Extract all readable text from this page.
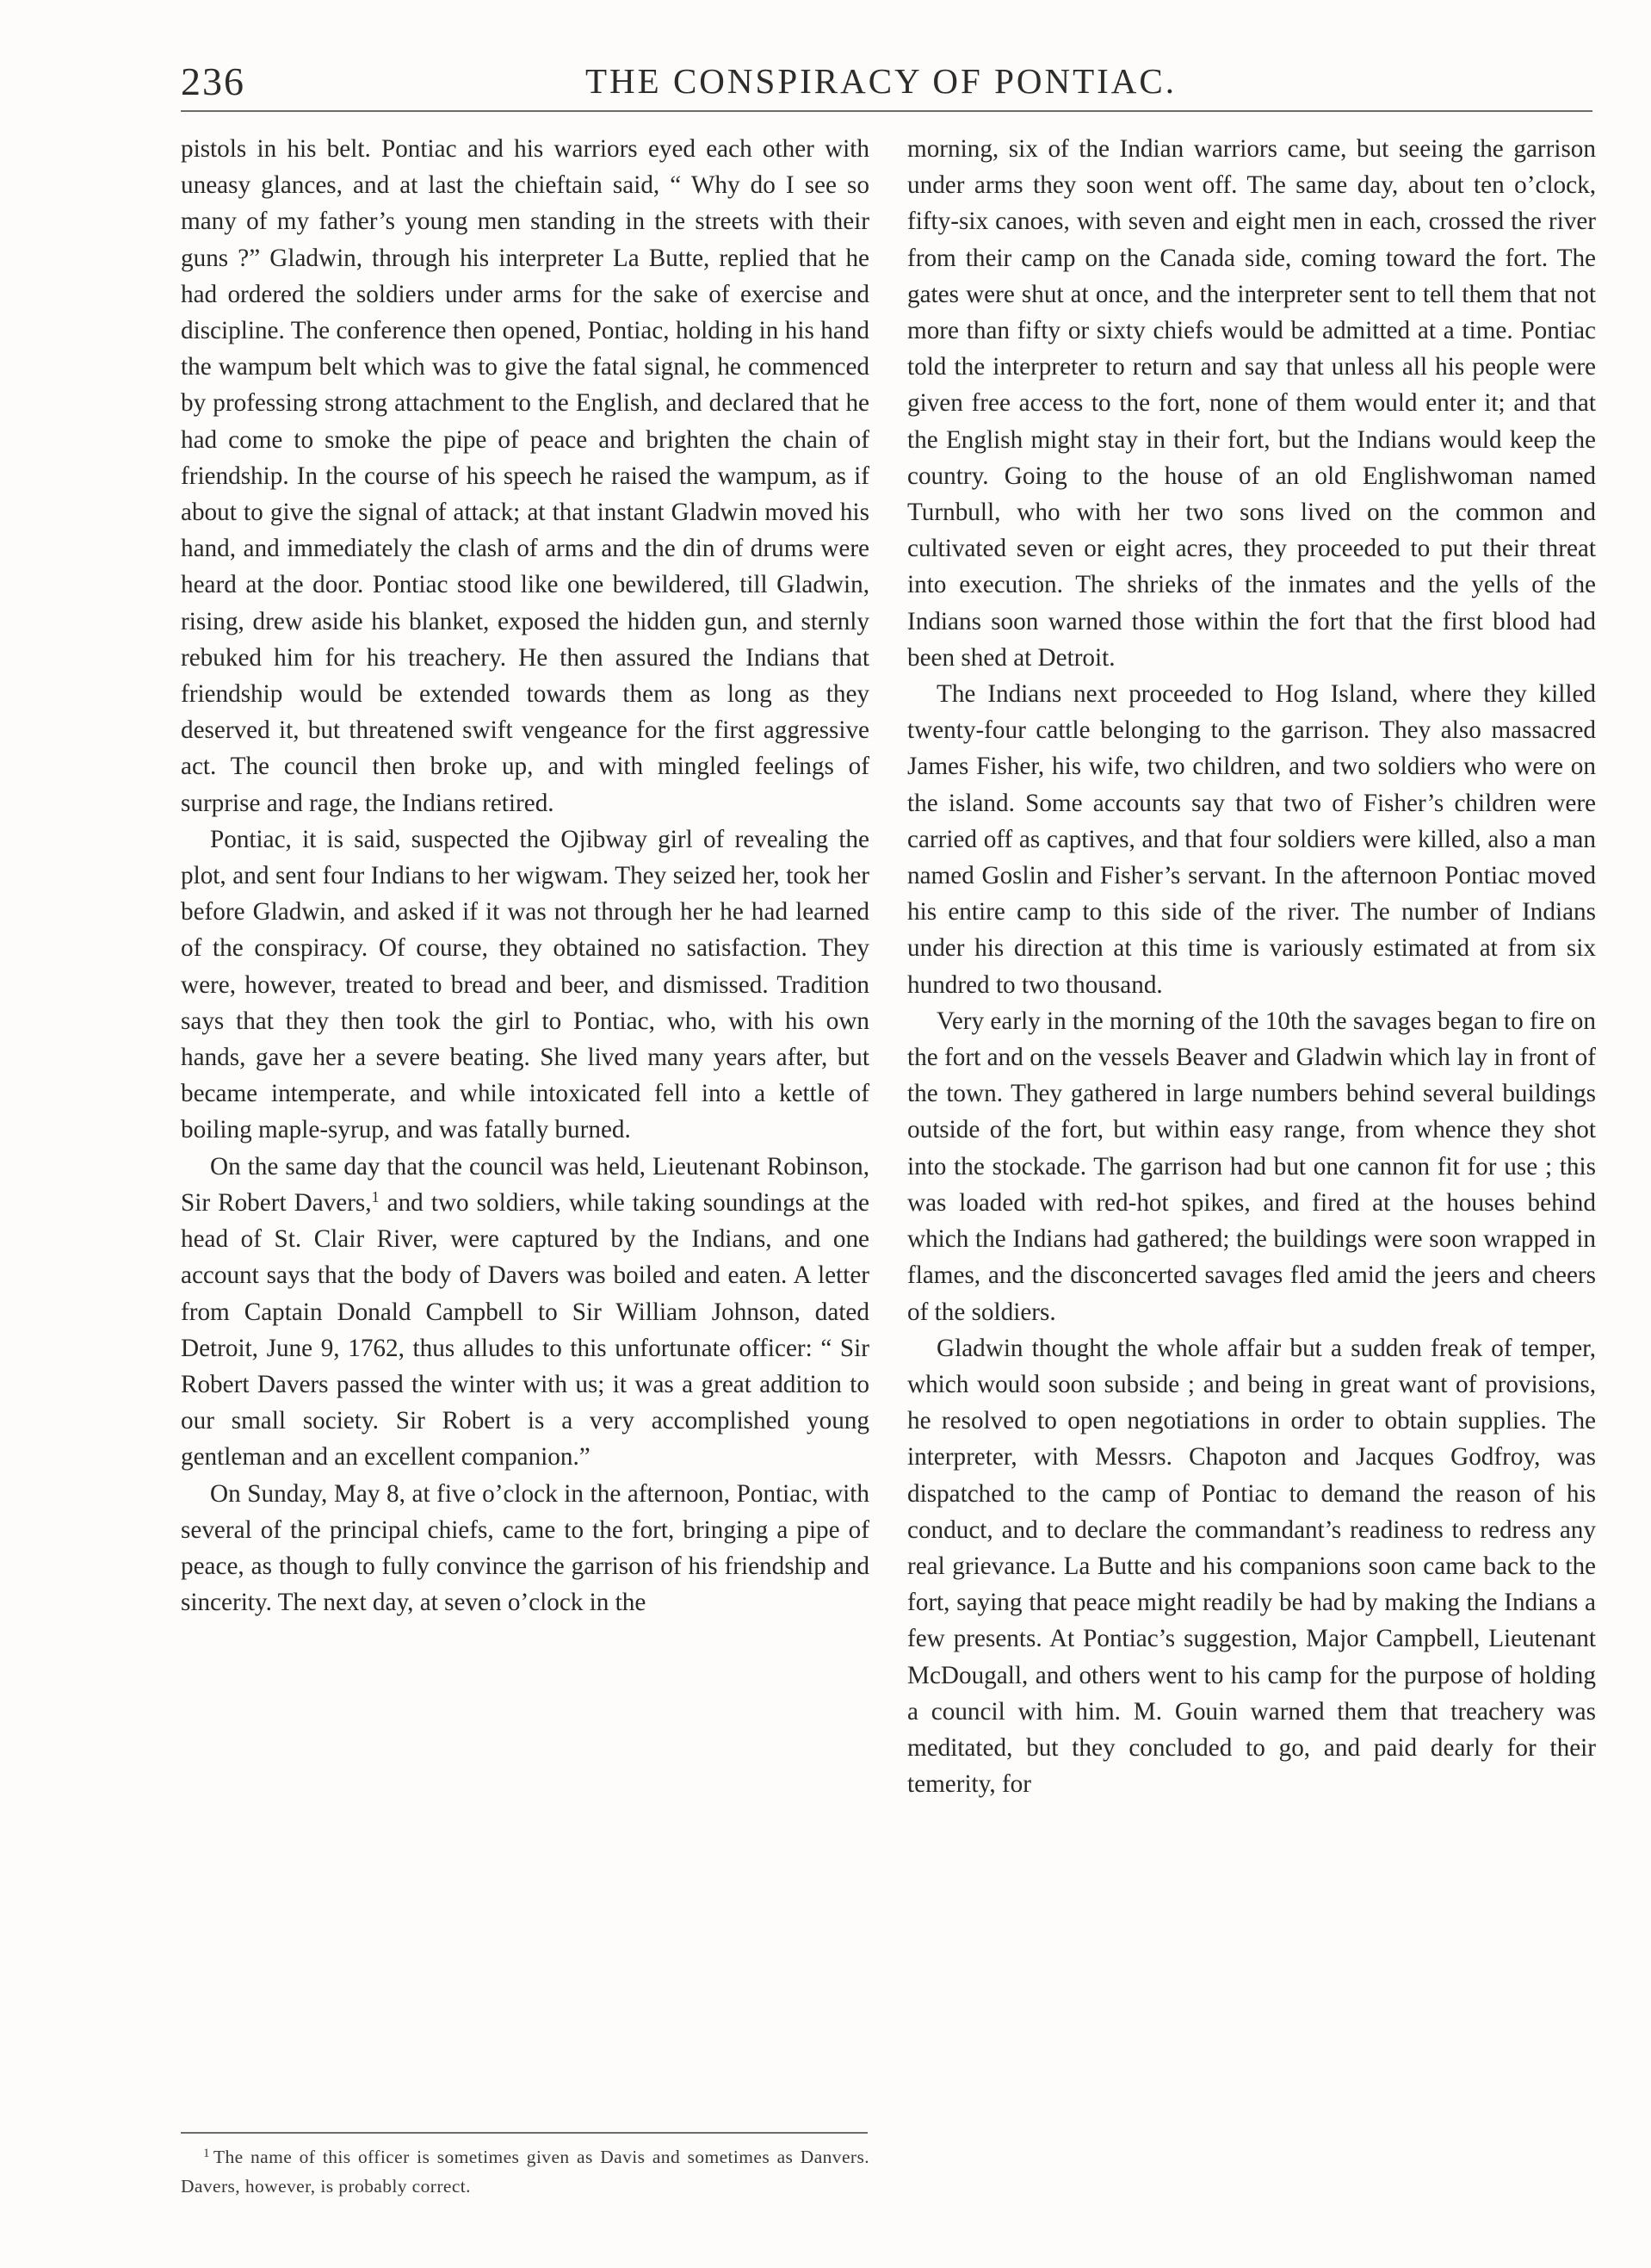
236	THE CONSPIRACY OF PONTIAC.

pistols in his belt. Pontiac and his warriors eyed each other with uneasy glances, and at last the chieftain said, “ Why do I see so many of my father’s young men standing in the streets with their guns ?” Gladwin, through his interpreter La Butte, replied that he had ordered the soldiers under arms for the sake of exercise and discipline. The conference then opened, Pontiac, holding in his hand the wampum belt which was to give the fatal signal, he commenced by professing strong attachment to the English, and declared that he had come to smoke the pipe of peace and brighten the chain of friendship. In the course of his speech he raised the wampum, as if about to give the signal of attack; at that instant Gladwin moved his hand, and immediately the clash of arms and the din of drums were heard at the door. Pontiac stood like one bewildered, till Gladwin, rising, drew aside his blanket, exposed the hidden gun, and sternly rebuked him for his treachery. He then assured the Indians that friendship would be extended towards them as long as they deserved it, but threatened swift vengeance for the first aggressive act. The council then broke up, and with mingled feelings of surprise and rage, the Indians retired.

Pontiac, it is said, suspected the Ojibway girl of revealing the plot, and sent four Indians to her wigwam. They seized her, took her before Gladwin, and asked if it was not through her he had learned of the conspiracy. Of course, they obtained no satisfaction. They were, however, treated to bread and beer, and dismissed. Tradition says that they then took the girl to Pontiac, who, with his own hands, gave her a severe beating. She lived many years after, but became intemperate, and while intoxicated fell into a kettle of boiling maple-syrup, and was fatally burned.

On the same day that the council was held, Lieutenant Robinson, Sir Robert Davers,$^1$ and two soldiers, while taking soundings at the head of St. Clair River, were captured by the Indians, and one account says that the body of Davers was boiled and eaten. A letter from Captain Donald Campbell to Sir William Johnson, dated Detroit, June 9, 1762, thus alludes to this unfortunate officer: “ Sir Robert Davers passed the winter with us; it was a great addition to our small society. Sir Robert is a very accomplished young gentleman and an excellent companion.”

On Sunday, May 8, at five o’clock in the afternoon, Pontiac, with several of the principal chiefs, came to the fort, bringing a pipe of peace, as though to fully convince the garrison of his friendship and sincerity. The next day, at seven o’clock in the

morning, six of the Indian warriors came, but seeing the garrison under arms they soon went off. The same day, about ten o’clock, fifty-six canoes, with seven and eight men in each, crossed the river from their camp on the Canada side, coming toward the fort. The gates were shut at once, and the interpreter sent to tell them that not more than fifty or sixty chiefs would be admitted at a time. Pontiac told the interpreter to return and say that unless all his people were given free access to the fort, none of them would enter it; and that the English might stay in their fort, but the Indians would keep the country. Going to the house of an old Englishwoman named Turnbull, who with her two sons lived on the common and cultivated seven or eight acres, they proceeded to put their threat into execution. The shrieks of the inmates and the yells of the Indians soon warned those within the fort that the first blood had been shed at Detroit.

The Indians next proceeded to Hog Island, where they killed twenty-four cattle belonging to the garrison. They also massacred James Fisher, his wife, two children, and two soldiers who were on the island. Some accounts say that two of Fisher’s children were carried off as captives, and that four soldiers were killed, also a man named Goslin and Fisher’s servant. In the afternoon Pontiac moved his entire camp to this side of the river. The number of Indians under his direction at this time is variously estimated at from six hundred to two thousand.

Very early in the morning of the 10th the savages began to fire on the fort and on the vessels Beaver and Gladwin which lay in front of the town. They gathered in large numbers behind several buildings outside of the fort, but within easy range, from whence they shot into the stockade. The garrison had but one cannon fit for use ; this was loaded with red-hot spikes, and fired at the houses behind which the Indians had gathered; the buildings were soon wrapped in flames, and the disconcerted savages fled amid the jeers and cheers of the soldiers.

Gladwin thought the whole affair but a sudden freak of temper, which would soon subside ; and being in great want of provisions, he resolved to open negotiations in order to obtain supplies. The interpreter, with Messrs. Chapoton and Jacques Godfroy, was dispatched to the camp of Pontiac to demand the reason of his conduct, and to declare the commandant’s readiness to redress any real grievance. La Butte and his companions soon came back to the fort, saying that peace might readily be had by making the Indians a few presents. At Pontiac’s suggestion, Major Campbell, Lieutenant McDougall, and others went to his camp for the purpose of holding a council with him. M. Gouin warned them that treachery was meditated, but they concluded to go, and paid dearly for their temerity, for

$^1$ The name of this officer is sometimes given as Davis and sometimes as Danvers. Davers, however, is probably correct.
